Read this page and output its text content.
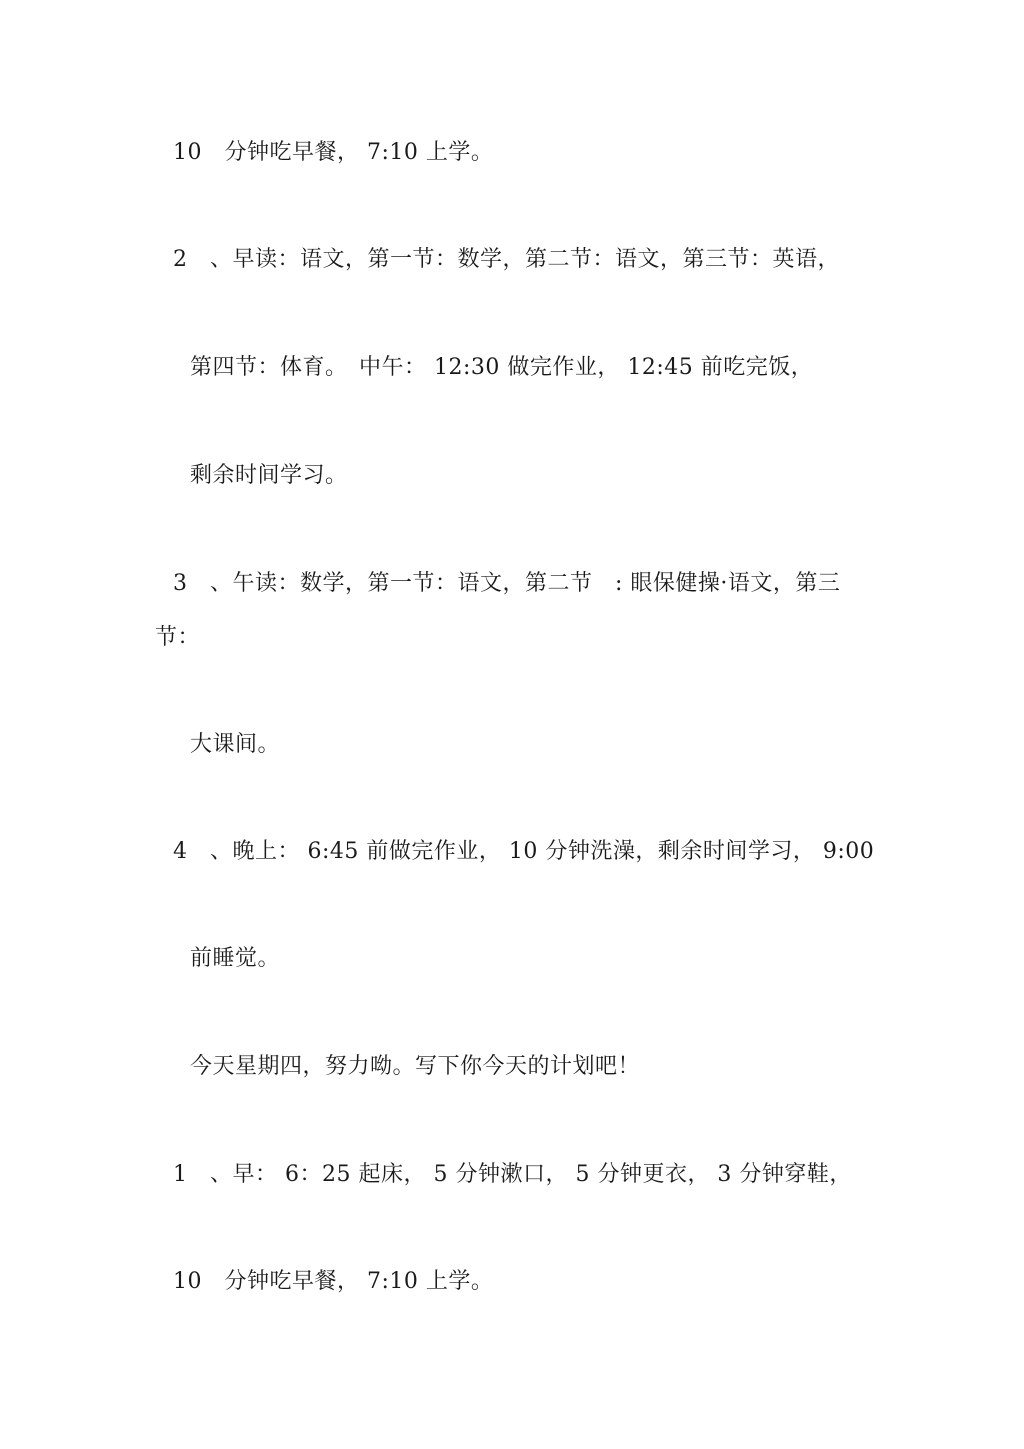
10　分钟吃早餐， 7:10 上学。
2　、早读：语文，第一节：数学，第二节：语文，第三节：英语，
第四节：体育。　中午： 12:30 做完作业， 12:45 前吃完饭，
剩余时间学习。
3　、午读：数学，第一节：语文，第二节　: 眼保健操·语文，第三
节：
大课间。
4　、晚上： 6:45 前做完作业， 10 分钟洗澡，剩余时间学习， 9:00
前睡觉。
今天星期四，努力呦。写下你今天的计划吧！
1　、早： 6：25 起床， 5 分钟漱口， 5 分钟更衣， 3 分钟穿鞋，
10　分钟吃早餐， 7:10 上学。
